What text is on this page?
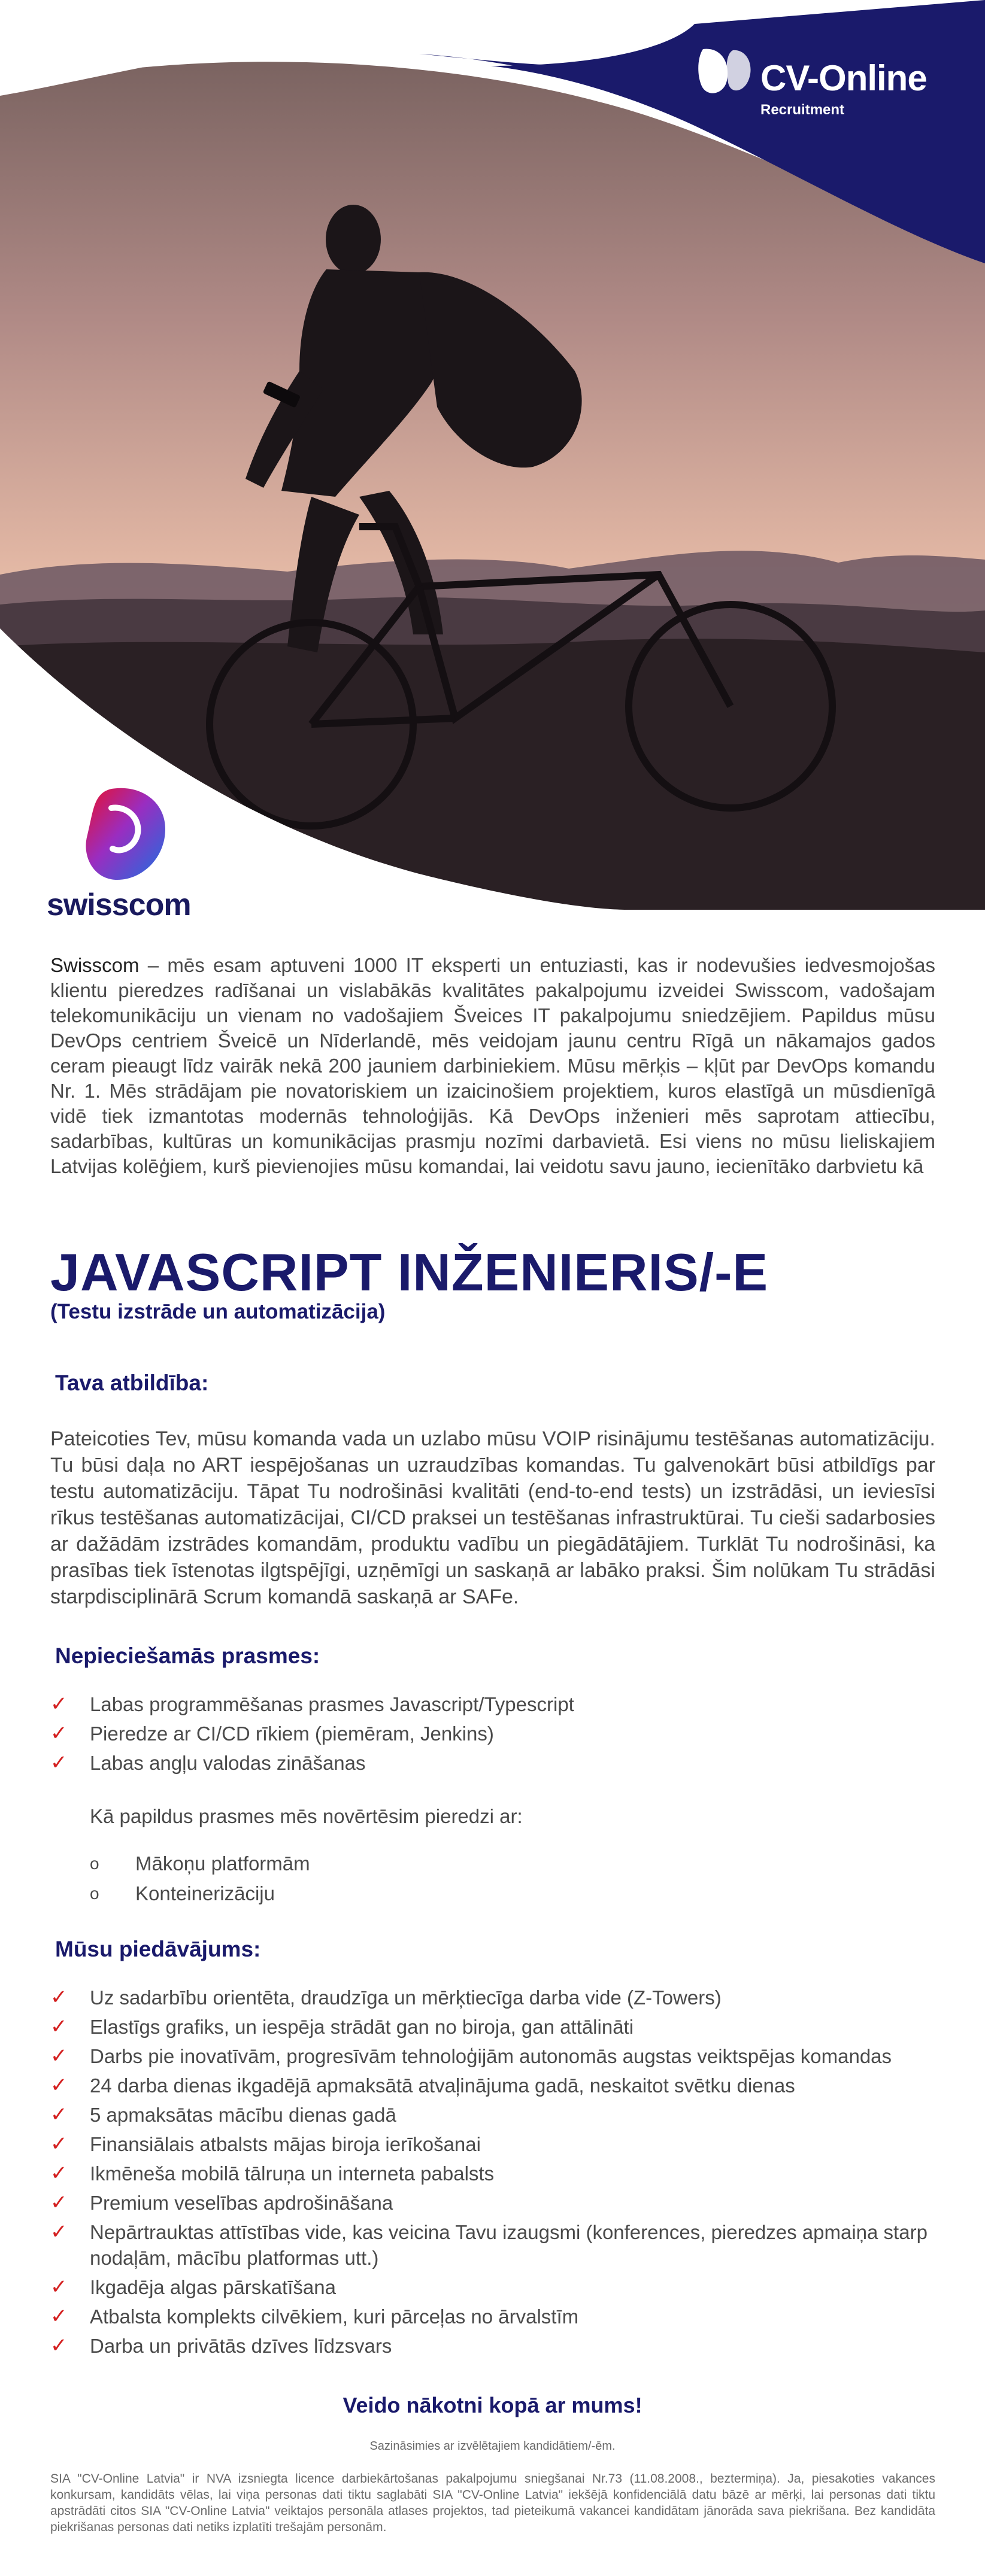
CV-Online
Recruitment
swisscom
Swisscom – mēs esam aptuveni 1000 IT eksperti un entuziasti, kas ir nodevušies iedvesmojošas klientu pieredzes radīšanai un vislabākās kvalitātes pakalpojumu izveidei Swisscom, vadošajam telekomunikāciju un vienam no vadošajiem Šveices IT pakalpojumu sniedzējiem. Papildus mūsu DevOps centriem Šveicē un Nīderlandē, mēs veidojam jaunu centru Rīgā un nākamajos gados ceram pieaugt līdz vairāk nekā 200 jauniem darbiniekiem. Mūsu mērķis – kļūt par DevOps komandu Nr. 1. Mēs strādājam pie novatoriskiem un izaicinošiem projektiem, kuros elastīgā un mūsdienīgā vidē tiek izmantotas modernās tehnoloģijās. Kā DevOps inženieri mēs saprotam attiecību, sadarbības, kultūras un komunikācijas prasmju nozīmi darbavietā. Esi viens no mūsu lieliskajiem Latvijas kolēģiem, kurš pievienojies mūsu komandai, lai veidotu savu jauno, iecienītāko darbvietu kā
JAVASCRIPT INŽENIERIS/-E
(Testu izstrāde un automatizācija)
Tava atbildība:
Pateicoties Tev, mūsu komanda vada un uzlabo mūsu VOIP risinājumu testēšanas automatizāciju. Tu būsi daļa no ART iespējošanas un uzraudzības komandas. Tu galvenokārt būsi atbildīgs par testu automatizāciju. Tāpat Tu nodrošināsi kvalitāti (end-to-end tests) un izstrādāsi, un ieviesīsi rīkus testēšanas automatizācijai, CI/CD praksei un testēšanas infrastruktūrai. Tu cieši sadarbosies ar dažādām izstrādes komandām, produktu vadību un piegādātājiem. Turklāt Tu nodrošināsi, ka prasības tiek īstenotas ilgtspējīgi, uzņēmīgi un saskaņā ar labāko praksi. Šim nolūkam Tu strādāsi starpdisciplinārā Scrum komandā saskaņā ar SAFe.
Nepieciešamās prasmes:
✓ Labas programmēšanas prasmes Javascript/Typescript
✓ Pieredze ar CI/CD rīkiem (piemēram, Jenkins)
✓ Labas angļu valodas zināšanas
Kā papildus prasmes mēs novērtēsim pieredzi ar:
o Mākoņu platformām
o Konteinerizāciju
Mūsu piedāvājums:
✓ Uz sadarbību orientēta, draudzīga un mērķtiecīga darba vide (Z-Towers)
✓ Elastīgs grafiks, un iespēja strādāt gan no biroja, gan attālināti
✓ Darbs pie inovatīvām, progresīvām tehnoloģijām autonomās augstas veiktspējas komandas
✓ 24 darba dienas ikgadējā apmaksātā atvaļinājuma gadā, neskaitot svētku dienas
✓ 5 apmaksātas mācību dienas gadā
✓ Finansiālais atbalsts mājas biroja ierīkošanai
✓ Ikmēneša mobilā tālruņa un interneta pabalsts
✓ Premium veselības apdrošināšana
✓ Nepārtrauktas attīstības vide, kas veicina Tavu izaugsmi (konferences, pieredzes apmaiņa starp nodaļām, mācību platformas utt.)
✓ Ikgadēja algas pārskatīšana
✓ Atbalsta komplekts cilvēkiem, kuri pārceļas no ārvalstīm
✓ Darba un privātās dzīves līdzsvars
Veido nākotni kopā ar mums!
Sazināsimies ar izvēlētajiem kandidātiem/-ēm.
SIA "CV-Online Latvia" ir NVA izsniegta licence darbiekārtošanas pakalpojumu sniegšanai Nr.73 (11.08.2008., beztermiņa). Ja, piesakoties vakances konkursam, kandidāts vēlas, lai viņa personas dati tiktu saglabāti SIA "CV-Online Latvia" iekšējā konfidenciālā datu bāzē ar mērķi, lai personas dati tiktu apstrādāti citos SIA "CV-Online Latvia" veiktajos personāla atlases projektos, tad pieteikumā vakancei kandidātam jānorāda sava piekrišana. Bez kandidāta piekrišanas personas dati netiks izplatīti trešajām personām.
